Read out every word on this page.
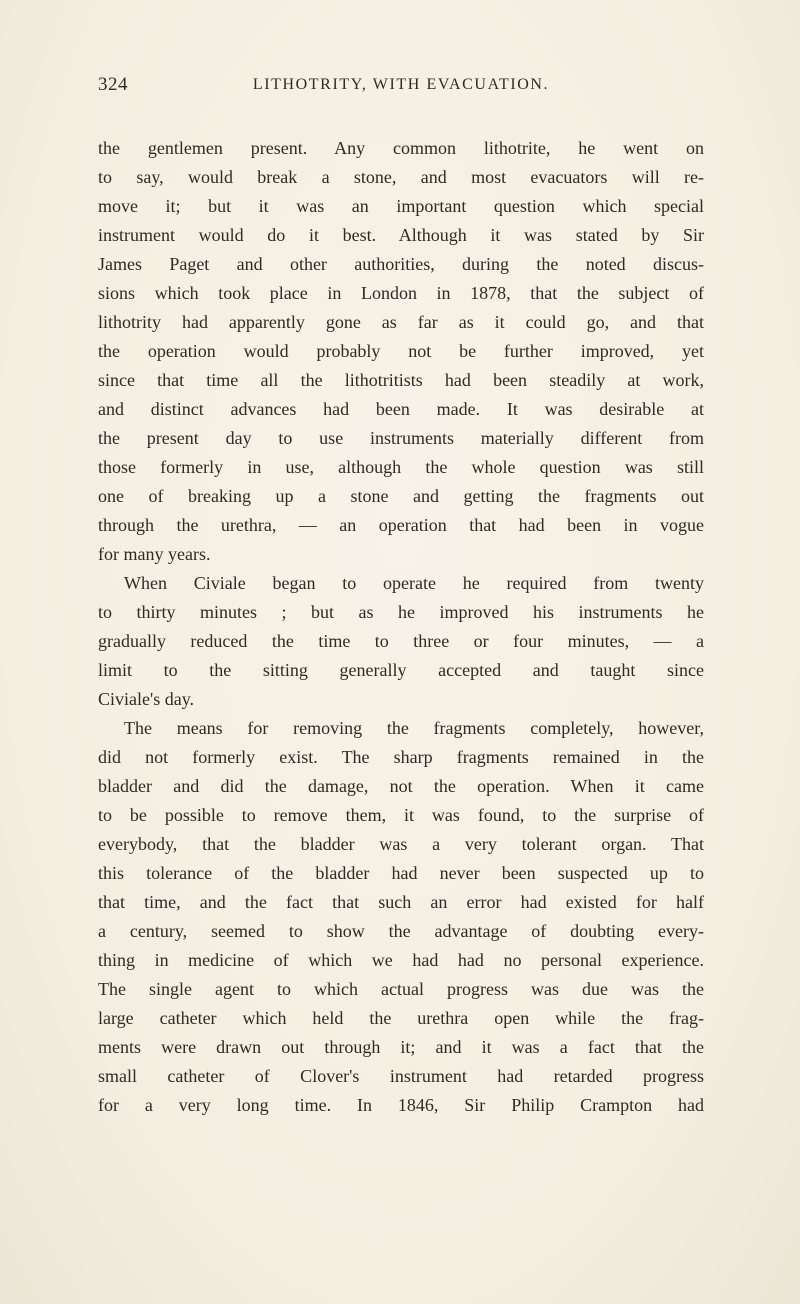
324	LITHOTRITY, WITH EVACUATION.
the gentlemen present. Any common lithotrite, he went on
to say, would break a stone, and most evacuators will re-
move it; but it was an important question which special
instrument would do it best. Although it was stated by Sir
James Paget and other authorities, during the noted discus-
sions which took place in London in 1878, that the subject of
lithotrity had apparently gone as far as it could go, and that
the operation would probably not be further improved, yet
since that time all the lithotritists had been steadily at work,
and distinct advances had been made. It was desirable at
the present day to use instruments materially different from
those formerly in use, although the whole question was still
one of breaking up a stone and getting the fragments out
through the urethra, — an operation that had been in vogue
for many years.
When Civiale began to operate he required from twenty
to thirty minutes ; but as he improved his instruments he
gradually reduced the time to three or four minutes, — a
limit to the sitting generally accepted and taught since
Civiale's day.
The means for removing the fragments completely, however,
did not formerly exist. The sharp fragments remained in the
bladder and did the damage, not the operation. When it came
to be possible to remove them, it was found, to the surprise of
everybody, that the bladder was a very tolerant organ. That
this tolerance of the bladder had never been suspected up to
that time, and the fact that such an error had existed for half
a century, seemed to show the advantage of doubting every-
thing in medicine of which we had had no personal experience.
The single agent to which actual progress was due was the
large catheter which held the urethra open while the frag-
ments were drawn out through it; and it was a fact that the
small catheter of Clover's instrument had retarded progress
for a very long time. In 1846, Sir Philip Crampton had
